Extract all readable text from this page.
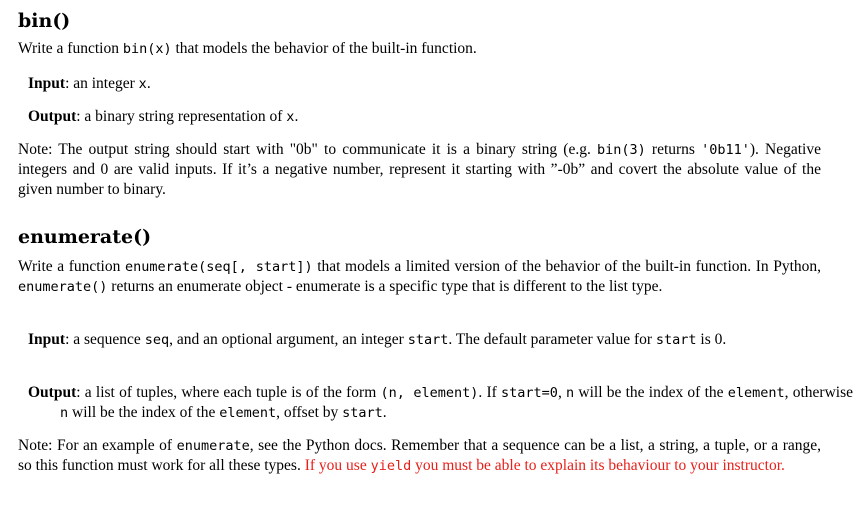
bin()

Write a function bin(x) that models the behavior of the built-in function.

Input: an integer x.

Output: a binary string representation of x.

Note: The output string should start with "0b" to communicate it is a binary string (e.g. bin(3) returns '0b11'). Negative integers and 0 are valid inputs. If it’s a negative number, represent it starting with ”-0b” and covert the absolute value of the given number to binary.

enumerate()

Write a function enumerate(seq[, start]) that models a limited version of the behavior of the built-in function. In Python, enumerate() returns an enumerate object - enumerate is a specific type that is different to the list type.

Input: a sequence seq, and an optional argument, an integer start. The default parameter value for start is 0.

Output: a list of tuples, where each tuple is of the form (n, element). If start=0, n will be the index of the element, otherwise n will be the index of the element, offset by start.

Note: For an example of enumerate, see the Python docs. Remember that a sequence can be a list, a string, a tuple, or a range, so this function must work for all these types. If you use yield you must be able to explain its behaviour to your instructor.
